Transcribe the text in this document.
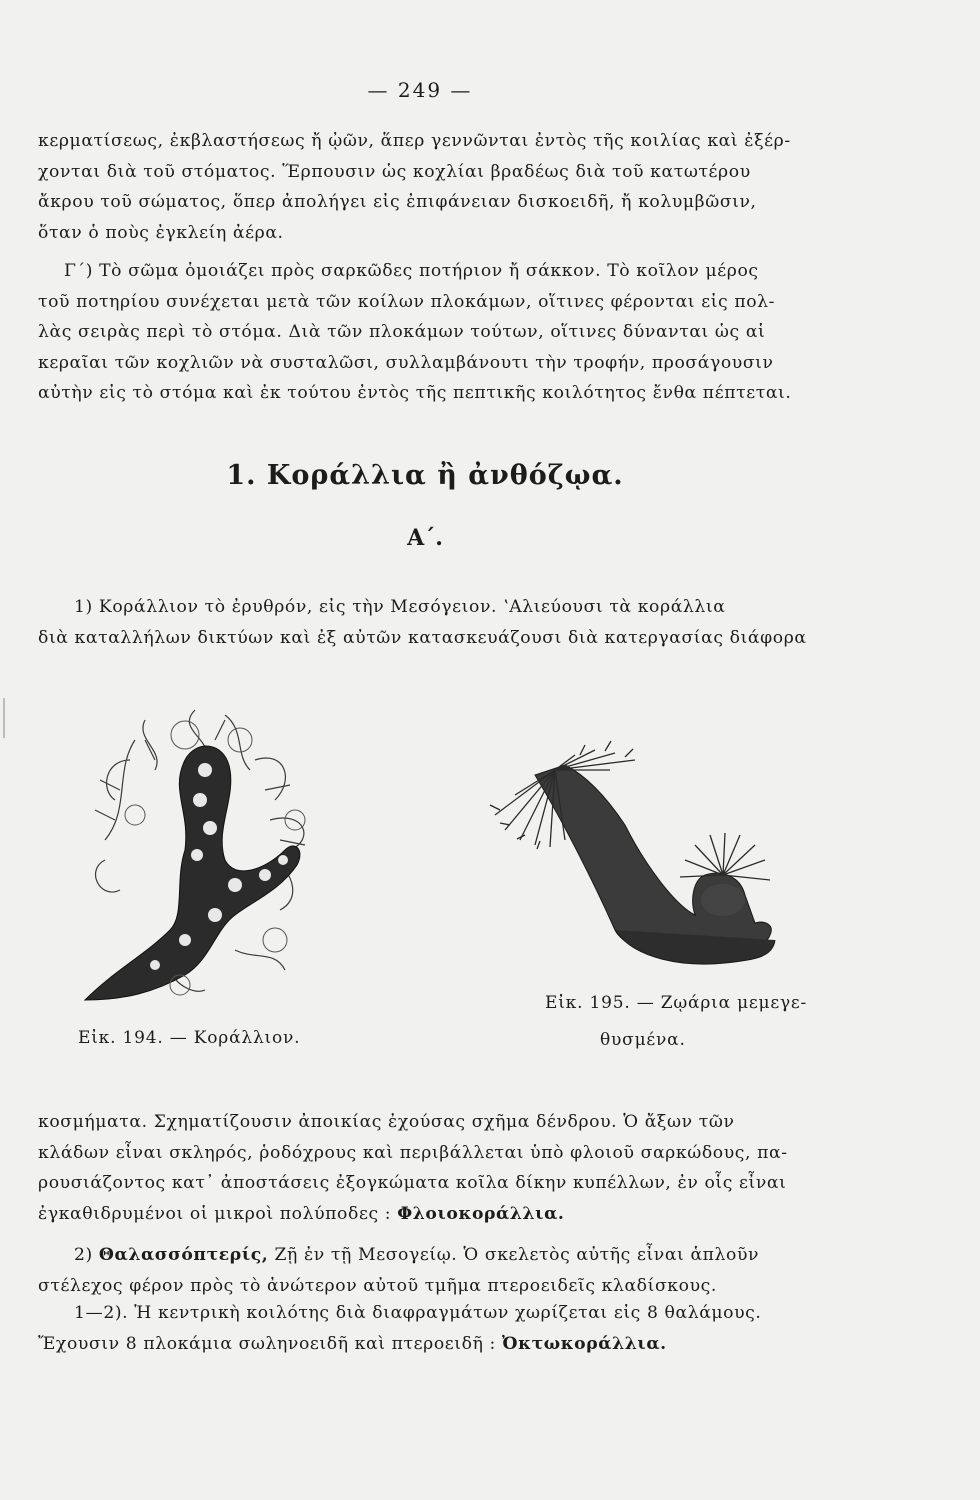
— 249 —
κερματίσεως, ἐκβλαστήσεως ἤ ᾠῶν, ἅπερ γεννῶνται ἐντὸς τῆς κοιλίας καὶ ἐξέρ-
χονται διὰ τοῦ στόματος. Ἕρπουσιν ὡς κοχλίαι βραδέως διὰ τοῦ κατωτέρου
ἄκρου τοῦ σώματος, ὅπερ ἀπολήγει εἰς ἐπιφάνειαν δισκοειδῆ, ἤ κολυμβῶσιν,
ὅταν ὁ ποὺς ἐγκλείη ἀέρα.
Γ΄) Τὸ σῶμα ὁμοιάζει πρὸς σαρκῶδες ποτήριον ἤ σάκκον. Τὸ κοῖλον μέρος
τοῦ ποτηρίου συνέχεται μετὰ τῶν κοίλων πλοκάμων, οἵτινες φέρονται εἰς πολ-
λὰς σειρὰς περὶ τὸ στόμα. Διὰ τῶν πλοκάμων τούτων, οἵτινες δύνανται ὡς αἱ
κεραῖαι τῶν κοχλιῶν νὰ συσταλῶσι, συλλαμβάνουτι τὴν τροφήν, προσάγουσιν
αὐτὴν εἰς τὸ στόμα καὶ ἐκ τούτου ἐντὸς τῆς πεπτικῆς κοιλότητος ἔνθα πέπτεται.
1. Κοράλλια ἢ ἀνθόζῳα.
Α΄.
1) Κοράλλιον τὸ ἐρυθρόν, εἰς τὴν Μεσόγειον. ʽΑλιεύουσι τὰ κοράλλια
διὰ καταλλήλων δικτύων καὶ ἐξ αὐτῶν κατασκευάζουσι διὰ κατεργασίας διάφορα
Εἰκ. 194. — Κοράλλιον.
Εἰκ. 195. — Ζῳάρια μεμεγε-
θυσμένα.
κοσμήματα. Σχηματίζουσιν ἀποικίας ἐχούσας σχῆμα δένδρου. Ὁ ἄξων τῶν
κλάδων εἶναι σκληρός, ῥοδόχρους καὶ περιβάλλεται ὑπὸ φλοιοῦ σαρκώδους, πα-
ρουσιάζοντος κατ᾽ ἀποστάσεις ἐξογκώματα κοῖλα δίκην κυπέλλων, ἐν οἷς εἶναι
ἐγκαθιδρυμένοι οἱ μικροὶ πολύποδες : Φλοιοκοράλλια.
2) Θαλασσόπτερίς, Ζῇ ἐν τῇ Μεσογείῳ. Ὁ σκελετὸς αὐτῆς εἶναι ἁπλοῦν
στέλεχος φέρον πρὸς τὸ ἀνώτερον αὐτοῦ τμῆμα πτεροειδεῖς κλαδίσκους.
1—2). Ἡ κεντρικὴ κοιλότης διὰ διαφραγμάτων χωρίζεται εἰς 8 θαλάμους.
Ἔχουσιν 8 πλοκάμια σωληνοειδῆ καὶ πτεροειδῆ : Ὀκτωκοράλλια.
